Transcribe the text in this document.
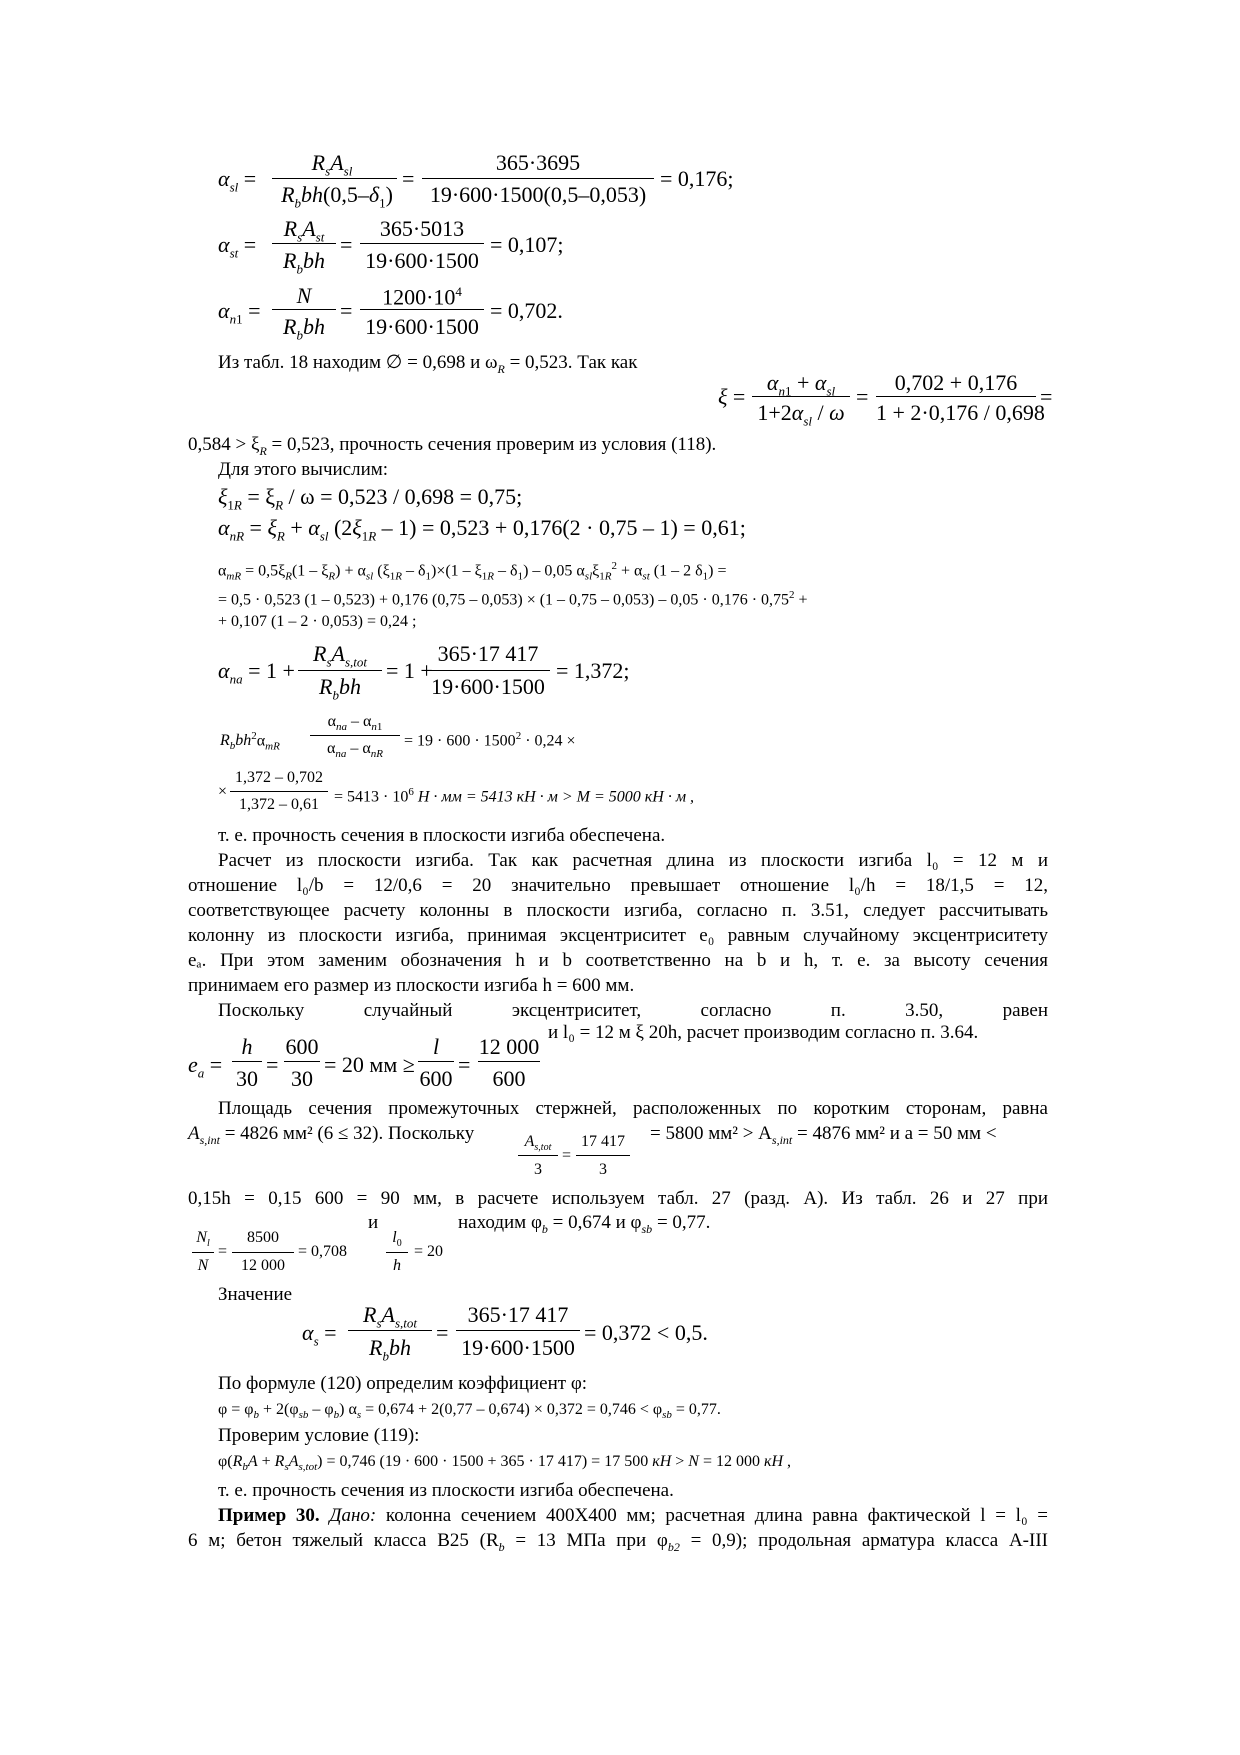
$\alpha_{sl}$ =
$R_sA_{sl}$
$R_bbh(0,5-\delta_1)$
=
365·3695
19·600·1500(0,5–0,053)
= 0,176;
$\alpha_{st}$ =
$R_sA_{st}$
$R_bbh$
=
365·5013
19·600·1500
= 0,107;
$\alpha_{n1}$ =
N
$R_bbh$
=
$1200\cdot 10^4$
19·600·1500
= 0,702.
Из табл. 18 находим ∅ = 0,698 и $\omega_R = 0,523$. Так как
ξ =
$\alpha_{n1} + \alpha_{sl}$
$1+2\alpha_{sl} / \omega$
=
0,702 + 0,176
1 + 2·0,176 / 0,698
=
$0,584 > \xi_R = 0,523$, прочность сечения проверим из условия (118).
Для этого вычислим:
$\xi_{1R} = \xi_R / \omega = 0,523 / 0,698 = 0,75$;
$\alpha_{nR} = \xi_R + \alpha_{sl}$ $(2\xi_{1R} - 1) = 0,523 + 0,176(2 \cdot 0,75 - 1) = 0,61$;
$\alpha_{mR} = 0,5\xi_R(1 - \xi_R) + \alpha_{sl}$ $(\xi_{1R} - \delta_1)\times(1 - \xi_{1R} - \delta_1) - 0,05$ $\alpha_{sl}\xi_{1R}^2 + \alpha_{st}$ (1 – 2 $\delta_1$) =
= 0,5 · 0,523 (1 – 0,523) + 0,176 $(0,75 - 0,053) \times (1 - 0,75 - 0,053) - 0,05 \cdot 0,176 \cdot 0,75^2$ +
+ 0,107 (1 – 2 · 0,053) = 0,24 ;
$\alpha_{na} = 1$ +
$R_sA_{s,tot}$
$R_bbh$
= 1 +
365·17 417
19·600·1500
= 1,372;
$R_bbh^2\alpha_{mR}$
$\alpha_{na} - \alpha_{n1}$
$\alpha_{na} - \alpha_{nR}$
= $19 \cdot 600 \cdot 1500^2 \cdot 0,24$ ×
×
1,372 – 0,702
$1,372 - 0,61 = 5413 \cdot 10^6$ Н · мм = 5413 кН · м > М = 5000 кН · м ,
т. е. прочность сечения в плоскости изгиба обеспечена.
Расчет из плоскости изгиба. Так как расчетная длина из плоскости изгиба l₀ = 12 м и
отношение l₀/b = 12/0,6 = 20 значительно превышает отношение l₀/h = 18/1,5 = 12,
соответствующее расчету колонны в плоскости изгиба, согласно п. 3.51, следует рассчитывать
колонну из плоскости изгиба, принимая эксцентриситет e₀ равным случайному эксцентриситету
eₐ. При этом заменим обозначения h и b соответственно на b и h, т. е. за высоту сечения
принимаем его размер из плоскости изгиба h = 600 мм.
Поскольку случайный эксцентриситет, согласно п. 3.50, равен
и l₀ = 12 м ξ 20h, расчет производим согласно п. 3.64.
$e_a$ =
h
30
=
600
30
= 20 мм ≥
l
600
=
12 000
600
Площадь сечения промежуточных стержней, расположенных по коротким сторонам, равна
$A_{s,int} = 4826$ мм² (6 ≤ 32). Поскольку	= 5800 $мм^2 > A_{s,int} = 4876$ мм² и a = 50 мм <
$A_{s,tot}$
3
=
17 417
3
0,15h = 0,15 600 = 90 мм, в расчете используем табл. 27 (разд. А). Из табл. 26 и 27 при
и	находим $\varphi_b = 0,674$ и $\varphi_{sb} = 0,77$.
$N_l$
N
=
8500
12 000
= 0,708
$l_0$
h
= 20
Значение
$\alpha_s$ =
$R_sA_{s,tot}$
$R_bbh$
=
365·17 417
19·600·1500
= 0,372 < 0,5.
По формуле (120) определим коэффициент φ:
$\varphi = \varphi_b + 2(\varphi_{sb} - \varphi_b) \alpha_s = 0,674 + 2(0,77 - 0,674) \times 0,372 = 0,746 < \varphi_{sb} = 0,77$.
Проверим условие (119):
$\varphi(R_bA + R_sA_{s,tot}) = 0,746$ (19 · 600 · 1500 + 365 · 17 417) = 17 500 кН > N = 12 000 кН ,
т. е. прочность сечения из плоскости изгиба обеспечена.
Пример 30. Дано: колонна сечением 400Х400 мм; расчетная длина равна фактической l = l₀ =
6 м; бетон тяжелый класса B25 ($R_b = 13$ МПа при $\varphi_{b2} = 0,9$); продольная арматура класса A-III
